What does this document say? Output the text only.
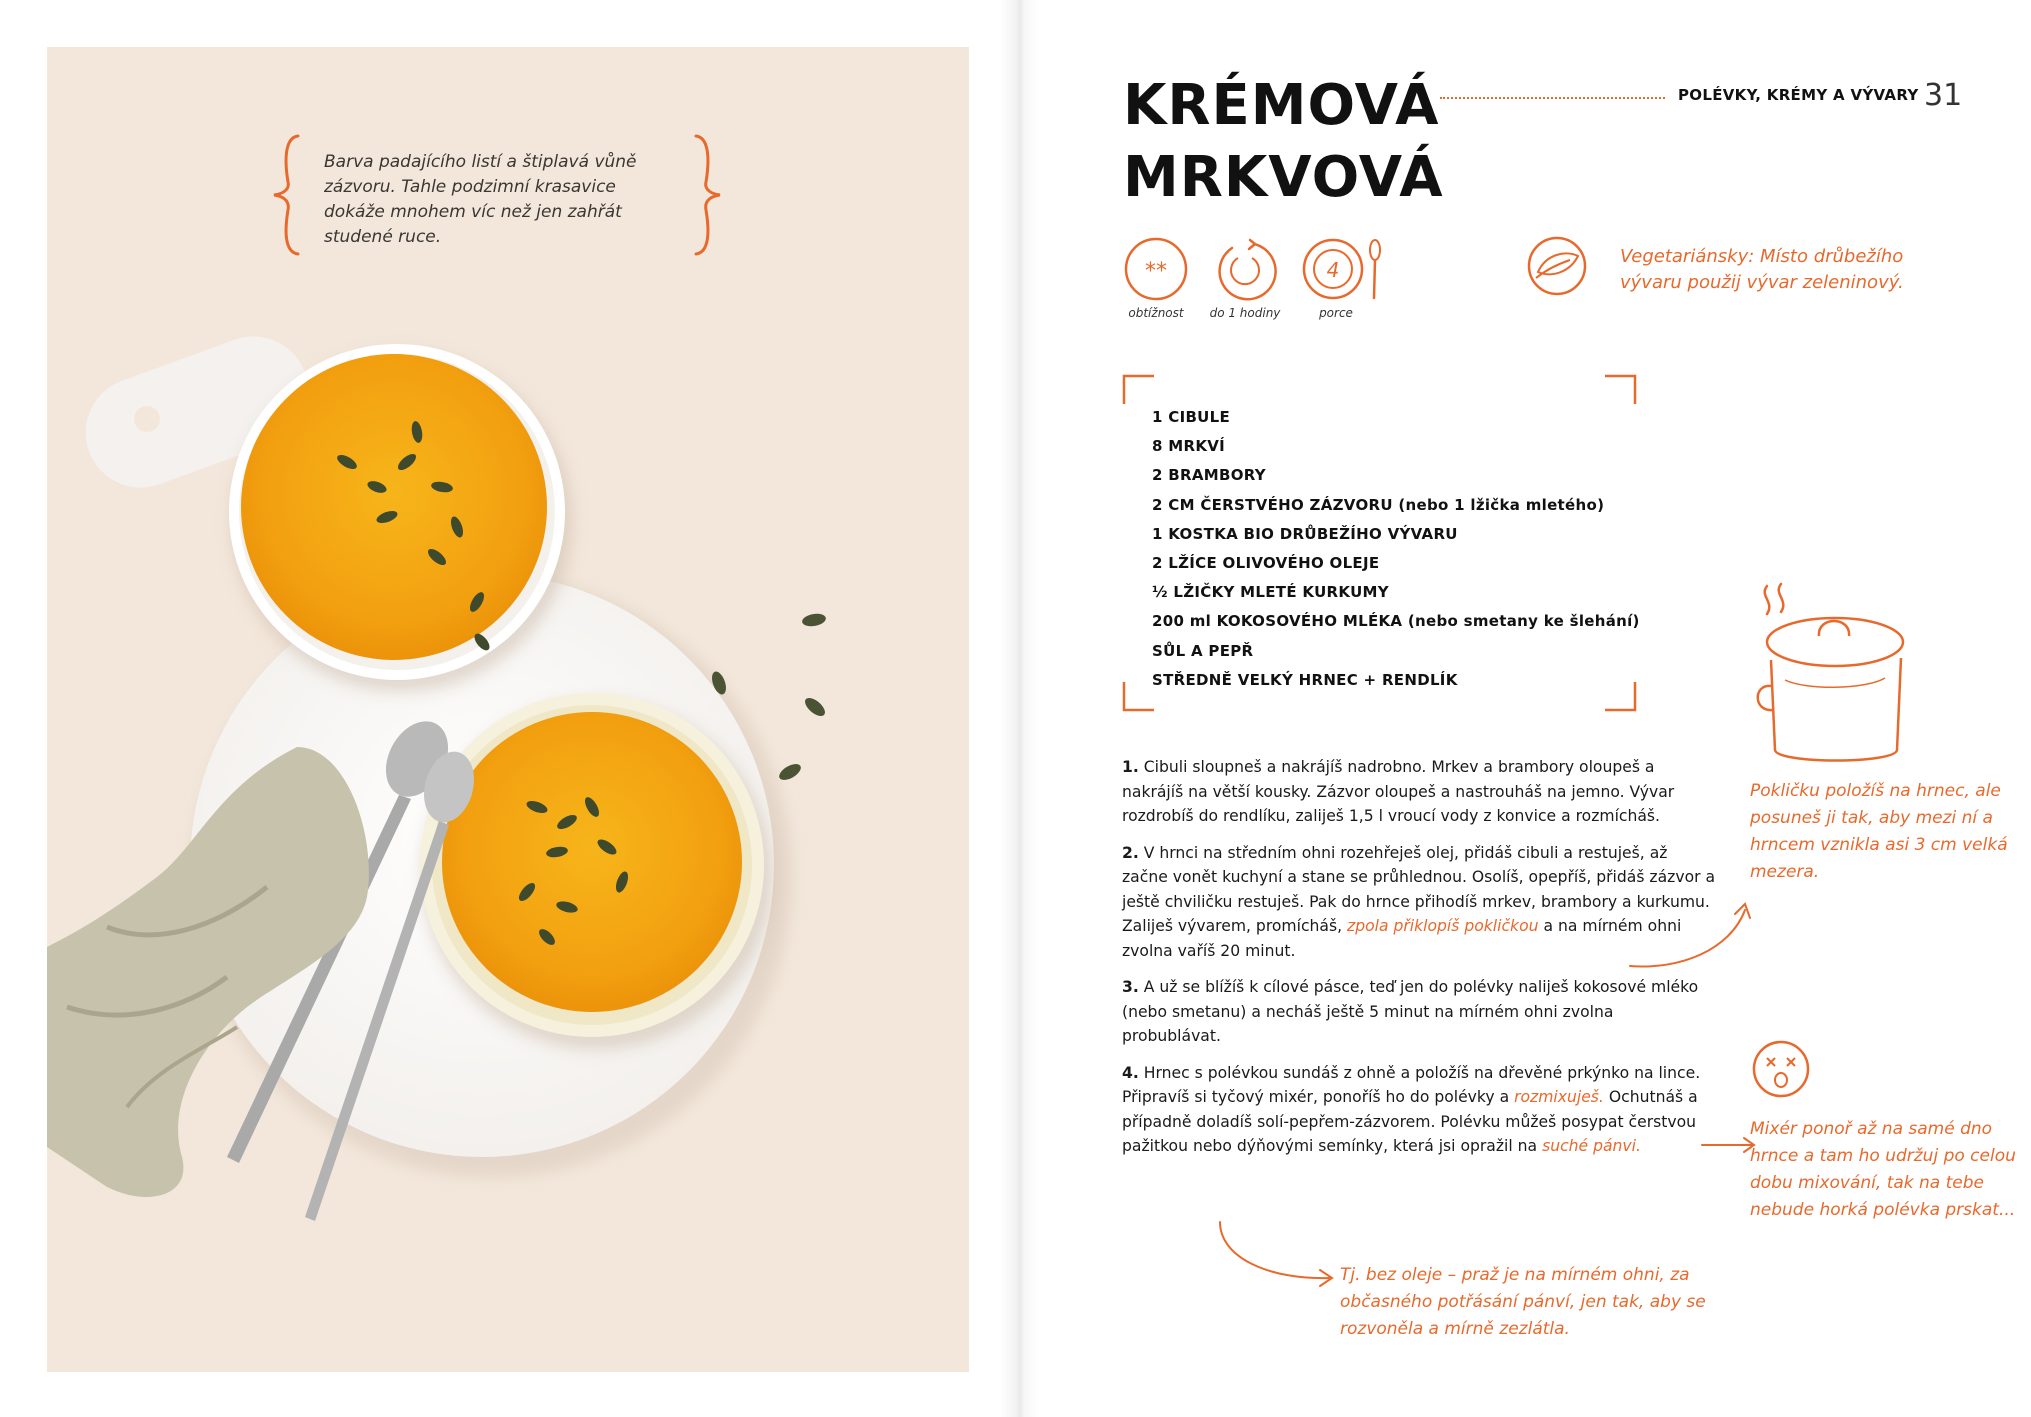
Barva padajícího listí a štiplavá vůně zázvoru. Tahle podzimní krasavice dokáže mnohem víc než jen zahřát studené ruce.
KRÉMOVÁ
MRKVOVÁ
POLÉVKY, KRÉMY A VÝVARY 31
**
obtížnost	do 1 hodiny
4
porce
Vegetariánsky: Místo drůbežího vývaru použij vývar zeleninový.
1 CIBULE
8 MRKVÍ
2 BRAMBORY
2 CM ČERSTVÉHO ZÁZVORU (nebo 1 lžička mletého)
1 KOSTKA BIO DRŮBEŽÍHO VÝVARU
2 LŽÍCE OLIVOVÉHO OLEJE
½ LŽIČKY MLETÉ KURKUMY
200 ml KOKOSOVÉHO MLÉKA (nebo smetany ke šlehání)
SŮL A PEPŘ
STŘEDNĚ VELKÝ HRNEC + RENDLÍK
Pokličku položíš na hrnec, ale posuneš ji tak, aby mezi ní a hrncem vznikla asi 3 cm velká mezera.

1. Cibuli sloupneš a nakrájíš nadrobno. Mrkev a brambory oloupeš a nakrájíš na větší kousky. Zázvor oloupeš a nastrouháš na jemno. Vývar rozdrobíš do rendlíku, zaliješ 1,5 l vroucí vody z konvice a rozmícháš.

2. V hrnci na středním ohni rozehřeješ olej, přidáš cibuli a restuješ, až začne vonět kuchyní a stane se průhlednou. Osolíš, opepříš, přidáš zázvor a ještě chviličku restuješ. Pak do hrnce přihodíš mrkev, brambory a kurkumu. Zaliješ vývarem, promícháš, zpola přiklopíš pokličkou a na mírném ohni zvolna vaříš 20 minut.

3. A už se blížíš k cílové pásce, teď jen do polévky naliješ kokosové mléko (nebo smetanu) a necháš ještě 5 minut na mírném ohni zvolna probublávat.

4. Hrnec s polévkou sundáš z ohně a položíš na dřevěné prkýnko na lince. Připravíš si tyčový mixér, ponoříš ho do polévky a rozmixuješ. Ochutnáš a případně doladíš solí-pepřem-zázvorem. Polévku můžeš posypat čerstvou pažitkou nebo dýňovými semínky, která jsi opražil na suché pánvi.

Mixér ponoř až na samé dno hrnce a tam ho udržuj po celou dobu mixování, tak na tebe nebude horká polévka prskat...
Tj. bez oleje – praž je na mírném ohni, za občasného potřásání pánví, jen tak, aby se rozvoněla a mírně zezlátla.
